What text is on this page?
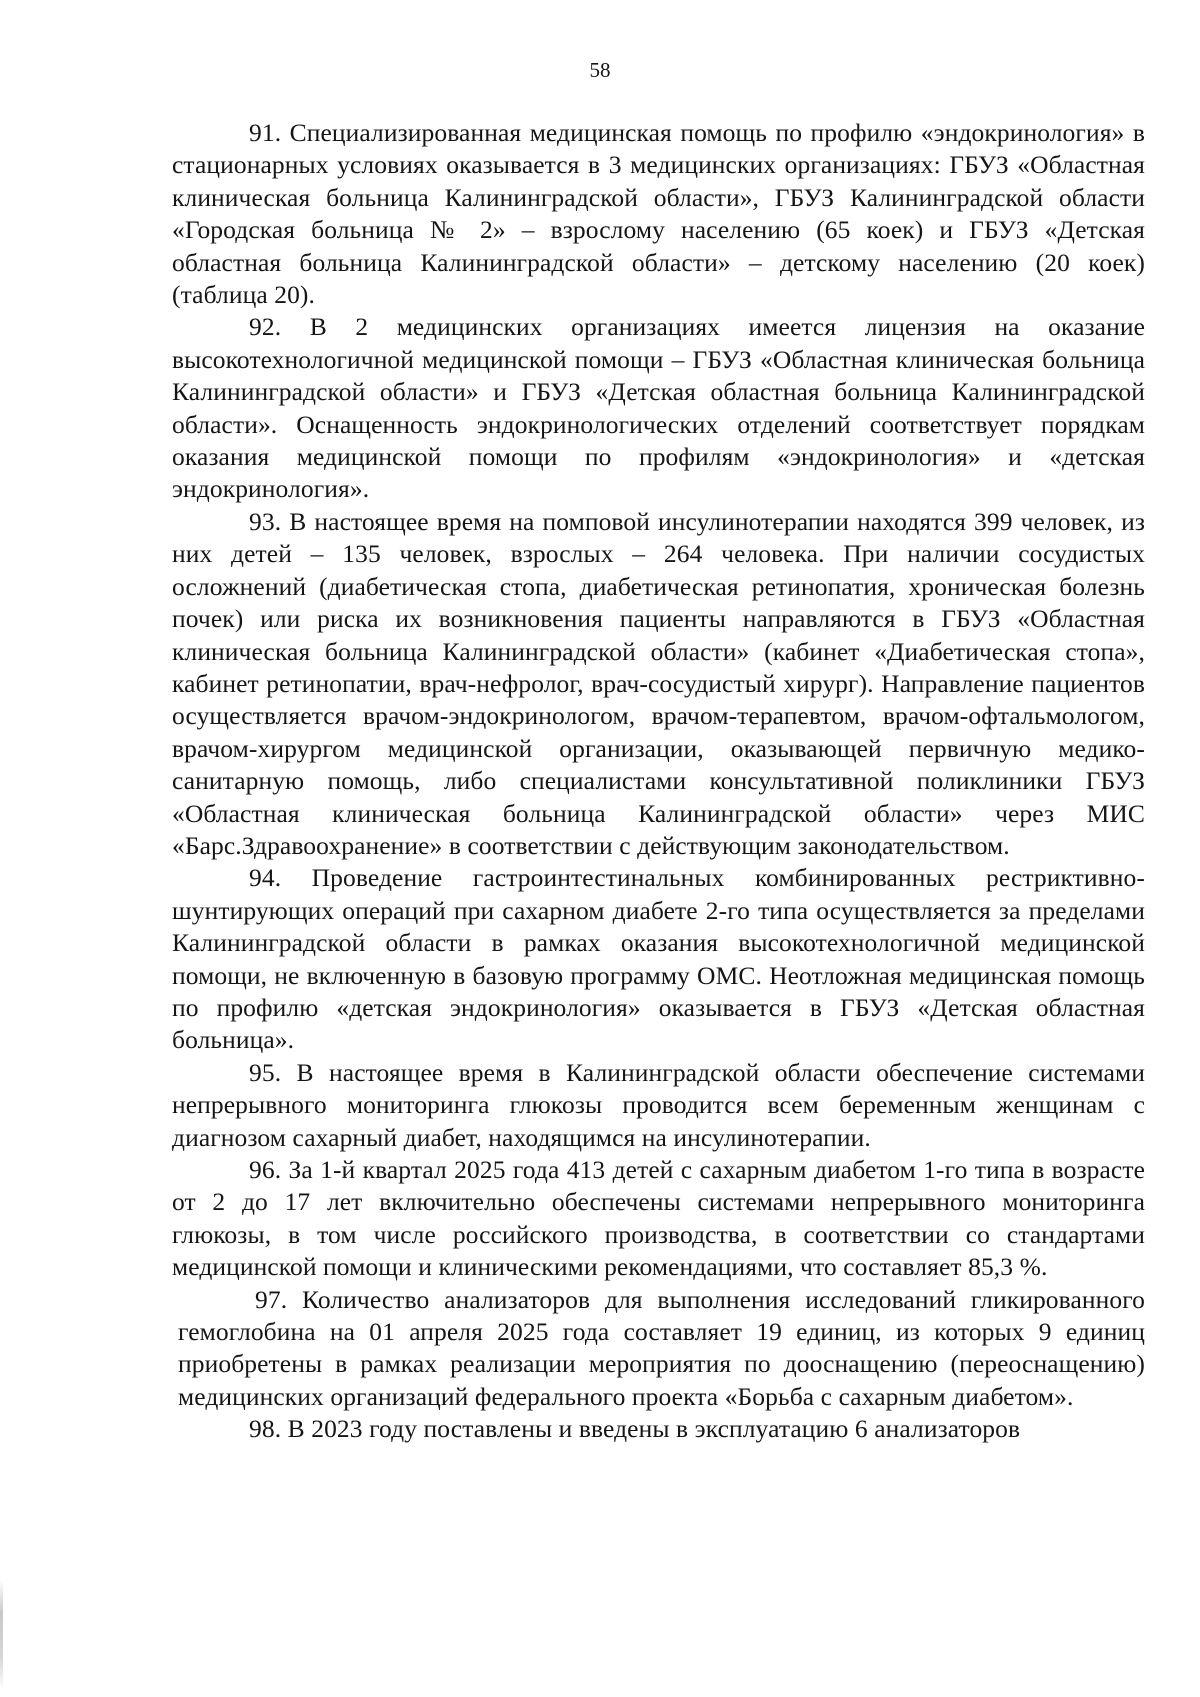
58

91. Специализированная медицинская помощь по профилю «эндокринология» в стационарных условиях оказывается в 3 медицинских организациях: ГБУЗ «Областная клиническая больница Калининградской области», ГБУЗ Калининградской области «Городская больница № 2» – взрослому населению (65 коек) и ГБУЗ «Детская областная больница Калининградской области» – детскому населению (20 коек) (таблица 20).

92. В 2 медицинских организациях имеется лицензия на оказание высокотехнологичной медицинской помощи – ГБУЗ «Областная клиническая больница Калининградской области» и ГБУЗ «Детская областная больница Калининградской области». Оснащенность эндокринологических отделений соответствует порядкам оказания медицинской помощи по профилям «эндокринология» и «детская эндокринология».

93. В настоящее время на помповой инсулинотерапии находятся 399 человек, из них детей – 135 человек, взрослых – 264 человека. При наличии сосудистых осложнений (диабетическая стопа, диабетическая ретинопатия, хроническая болезнь почек) или риска их возникновения пациенты направляются в ГБУЗ «Областная клиническая больница Калининградской области» (кабинет «Диабетическая стопа», кабинет ретинопатии, врач-нефролог, врач-сосудистый хирург). Направление пациентов осуществляется врачом-эндокринологом, врачом-терапевтом, врачом-офтальмологом, врачом-хирургом медицинской организации, оказывающей первичную медико-санитарную помощь, либо специалистами консультативной поликлиники ГБУЗ «Областная клиническая больница Калининградской области» через МИС «Барс.Здравоохранение» в соответствии с действующим законодательством.

94. Проведение гастроинтестинальных комбинированных рестриктивно-шунтирующих операций при сахарном диабете 2-го типа осуществляется за пределами Калининградской области в рамках оказания высокотехнологичной медицинской помощи, не включенную в базовую программу ОМС. Неотложная медицинская помощь по профилю «детская эндокринология» оказывается в ГБУЗ «Детская областная больница».

95. В настоящее время в Калининградской области обеспечение системами непрерывного мониторинга глюкозы проводится всем беременным женщинам с диагнозом сахарный диабет, находящимся на инсулинотерапии.

96. За 1-й квартал 2025 года 413 детей с сахарным диабетом 1-го типа в возрасте от 2 до 17 лет включительно обеспечены системами непрерывного мониторинга глюкозы, в том числе российского производства, в соответствии со стандартами медицинской помощи и клиническими рекомендациями, что составляет 85,3 %.

97. Количество анализаторов для выполнения исследований гликированного гемоглобина на 01 апреля 2025 года составляет 19 единиц, из которых 9 единиц приобретены в рамках реализации мероприятия по дооснащению (переоснащению) медицинских организаций федерального проекта «Борьба с сахарным диабетом».

98. В 2023 году поставлены и введены в эксплуатацию 6 анализаторов
